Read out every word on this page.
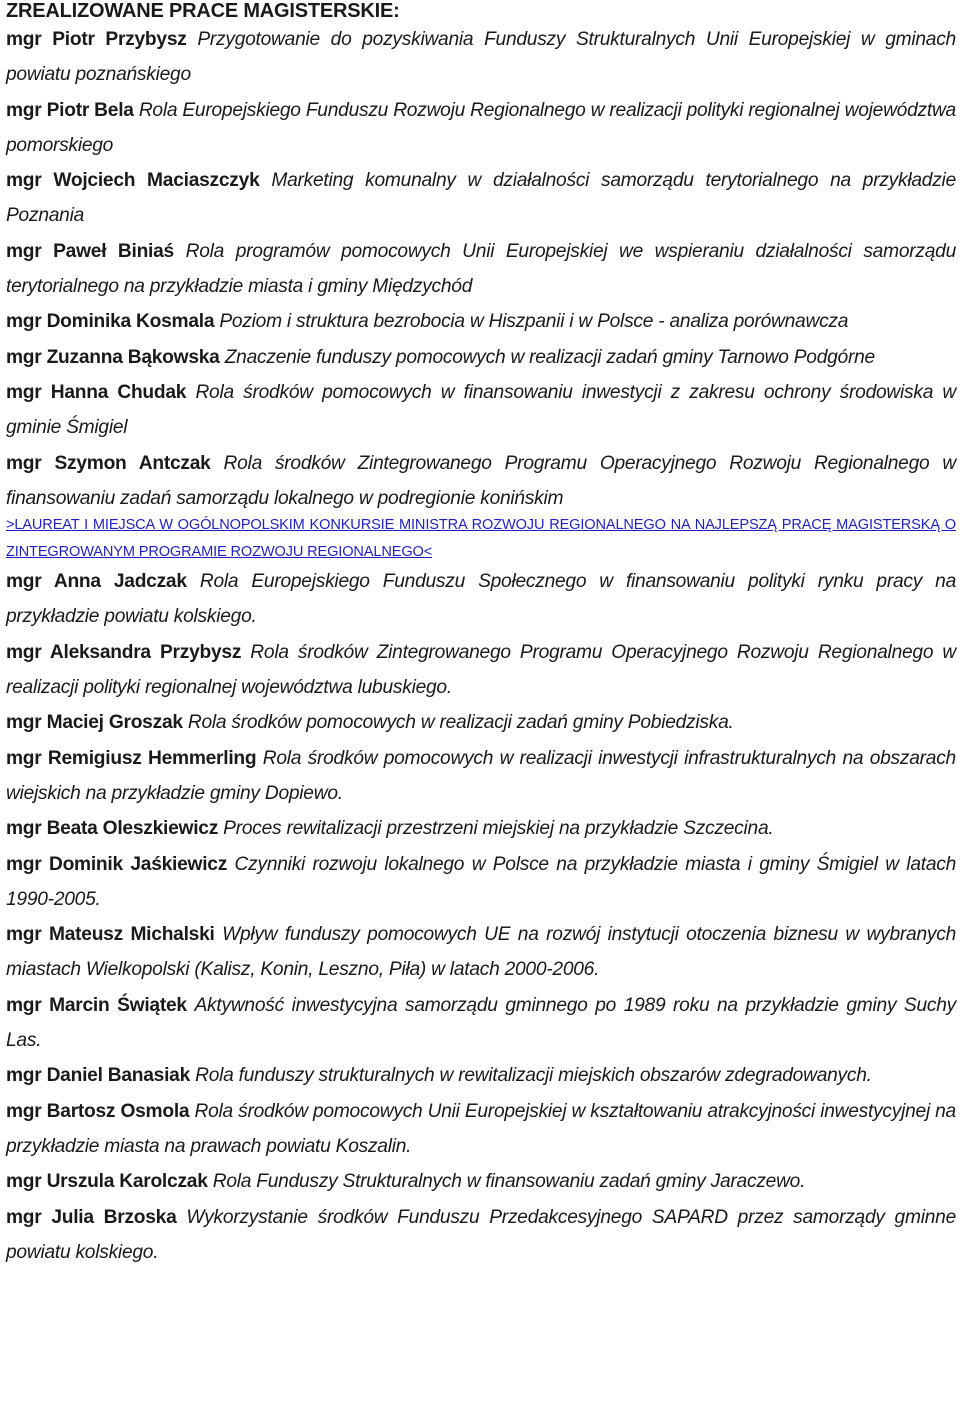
ZREALIZOWANE PRACE MAGISTERSKIE:
mgr Piotr Przybysz Przygotowanie do pozyskiwania Funduszy Strukturalnych Unii Europejskiej w gminach powiatu poznańskiego
mgr Piotr Bela Rola Europejskiego Funduszu Rozwoju Regionalnego w realizacji polityki regionalnej województwa pomorskiego
mgr Wojciech Maciaszczyk Marketing komunalny w działalności samorządu terytorialnego na przykładzie Poznania
mgr Paweł Biniaś Rola programów pomocowych Unii Europejskiej we wspieraniu działalności samorządu terytorialnego na przykładzie miasta i gminy Międzychód
mgr Dominika Kosmala Poziom i struktura bezrobocia w Hiszpanii i w Polsce - analiza porównawcza
mgr Zuzanna Bąkowska Znaczenie funduszy pomocowych w realizacji zadań gminy Tarnowo Podgórne
mgr Hanna Chudak Rola środków pomocowych w finansowaniu inwestycji z zakresu ochrony środowiska w gminie Śmigiel
mgr Szymon Antczak Rola środków Zintegrowanego Programu Operacyjnego Rozwoju Regionalnego w finansowaniu zadań samorządu lokalnego w podregionie konińskim
>LAUREAT I MIEJSCA W OGÓLNOPOLSKIM KONKURSIE MINISTRA ROZWOJU REGIONALNEGO NA NAJLEPSZĄ PRACĘ MAGISTERSKĄ O ZINTEGROWANYM PROGRAMIE ROZWOJU REGIONALNEGO<
mgr Anna Jadczak Rola Europejskiego Funduszu Społecznego w finansowaniu polityki rynku pracy na przykładzie powiatu kolskiego.
mgr Aleksandra Przybysz Rola środków Zintegrowanego Programu Operacyjnego Rozwoju Regionalnego w realizacji polityki regionalnej województwa lubuskiego.
mgr Maciej Groszak Rola środków pomocowych w realizacji zadań gminy Pobiedziska.
mgr Remigiusz Hemmerling Rola środków pomocowych w realizacji inwestycji infrastrukturalnych na obszarach wiejskich na przykładzie gminy Dopiewo.
mgr Beata Oleszkiewicz Proces rewitalizacji przestrzeni miejskiej na przykładzie Szczecina.
mgr Dominik Jaśkiewicz Czynniki rozwoju lokalnego w Polsce na przykładzie miasta i gminy Śmigiel w latach 1990-2005.
mgr Mateusz Michalski Wpływ funduszy pomocowych UE na rozwój instytucji otoczenia biznesu w wybranych miastach Wielkopolski (Kalisz, Konin, Leszno, Piła) w latach 2000-2006.
mgr Marcin Świątek Aktywność inwestycyjna samorządu gminnego po 1989 roku na przykładzie gminy Suchy Las.
mgr Daniel Banasiak Rola funduszy strukturalnych w rewitalizacji miejskich obszarów zdegradowanych.
mgr Bartosz Osmola Rola środków pomocowych Unii Europejskiej w kształtowaniu atrakcyjności inwestycyjnej na przykładzie miasta na prawach powiatu Koszalin.
mgr Urszula Karolczak Rola Funduszy Strukturalnych w finansowaniu zadań gminy Jaraczewo.
mgr Julia Brzoska Wykorzystanie środków Funduszu Przedakcesyjnego SAPARD przez samorządy gminne powiatu kolskiego.
